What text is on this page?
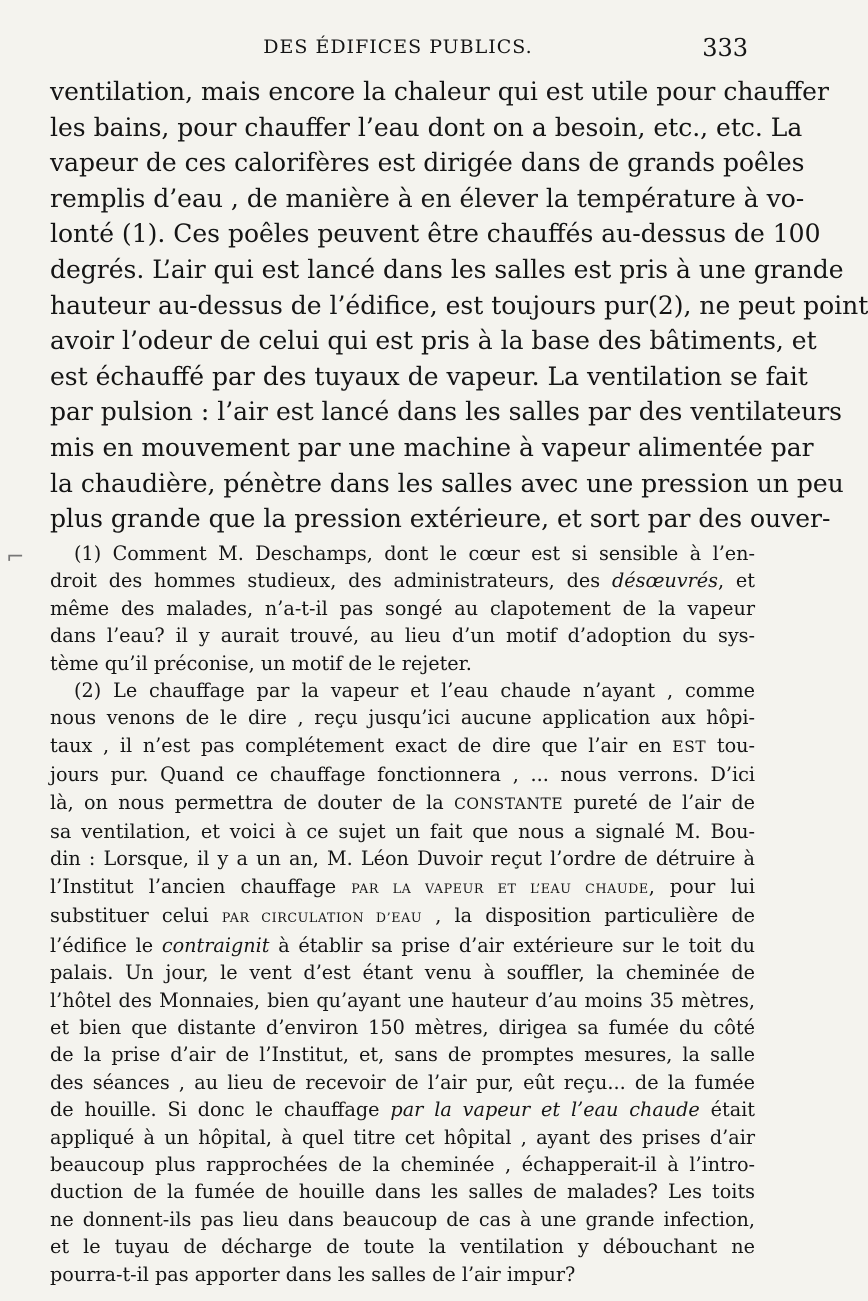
DES ÉDIFICES PUBLICS.	333
ventilation, mais encore la chaleur qui est utile pour chauffer
les bains, pour chauffer l’eau dont on a besoin, etc., etc. La
vapeur de ces calorifères est dirigée dans de grands poêles
remplis d’eau , de manière à en élever la température à vo-
lonté (1). Ces poêles peuvent être chauffés au-dessus de 100
degrés. L’air qui est lancé dans les salles est pris à une grande
hauteur au-dessus de l’édifice, est toujours pur(2), ne peut point
avoir l’odeur de celui qui est pris à la base des bâtiments, et
est échauffé par des tuyaux de vapeur. La ventilation se fait
par pulsion : l’air est lancé dans les salles par des ventilateurs
mis en mouvement par une machine à vapeur alimentée par
la chaudière, pénètre dans les salles avec une pression un peu
plus grande que la pression extérieure, et sort par des ouver-
(1) Comment M. Deschamps, dont le cœur est si sensible à l’en-
droit des hommes studieux, des administrateurs, des désœuvrés, et
même des malades, n’a-t-il pas songé au clapotement de la vapeur
dans l’eau? il y aurait trouvé, au lieu d’un motif d’adoption du sys-
tème qu’il préconise, un motif de le rejeter.
(2) Le chauffage par la vapeur et l’eau chaude n’ayant , comme
nous venons de le dire , reçu jusqu’ici aucune application aux hôpi-
taux , il n’est pas complétement exact de dire que l’air en EST tou-
jours pur. Quand ce chauffage fonctionnera , ... nous verrons. D’ici
là, on nous permettra de douter de la CONSTANTE pureté de l’air de
sa ventilation, et voici à ce sujet un fait que nous a signalé M. Bou-
din : Lorsque, il y a un an, M. Léon Duvoir reçut l’ordre de détruire à
l’Institut l’ancien chauffage PAR LA VAPEUR ET L’EAU CHAUDE, pour lui
substituer celui PAR CIRCULATION D’EAU , la disposition particulière de
l’édifice le contraignit à établir sa prise d’air extérieure sur le toit du
palais. Un jour, le vent d’est étant venu à souffler, la cheminée de
l’hôtel des Monnaies, bien qu’ayant une hauteur d’au moins 35 mètres,
et bien que distante d’environ 150 mètres, dirigea sa fumée du côté
de la prise d’air de l’Institut, et, sans de promptes mesures, la salle
des séances , au lieu de recevoir de l’air pur, eût reçu... de la fumée
de houille. Si donc le chauffage par la vapeur et l’eau chaude était
appliqué à un hôpital, à quel titre cet hôpital , ayant des prises d’air
beaucoup plus rapprochées de la cheminée , échapperait-il à l’intro-
duction de la fumée de houille dans les salles de malades? Les toits
ne donnent-ils pas lieu dans beaucoup de cas à une grande infection,
et le tuyau de décharge de toute la ventilation y débouchant ne
pourra-t-il pas apporter dans les salles de l’air impur?
⌐
